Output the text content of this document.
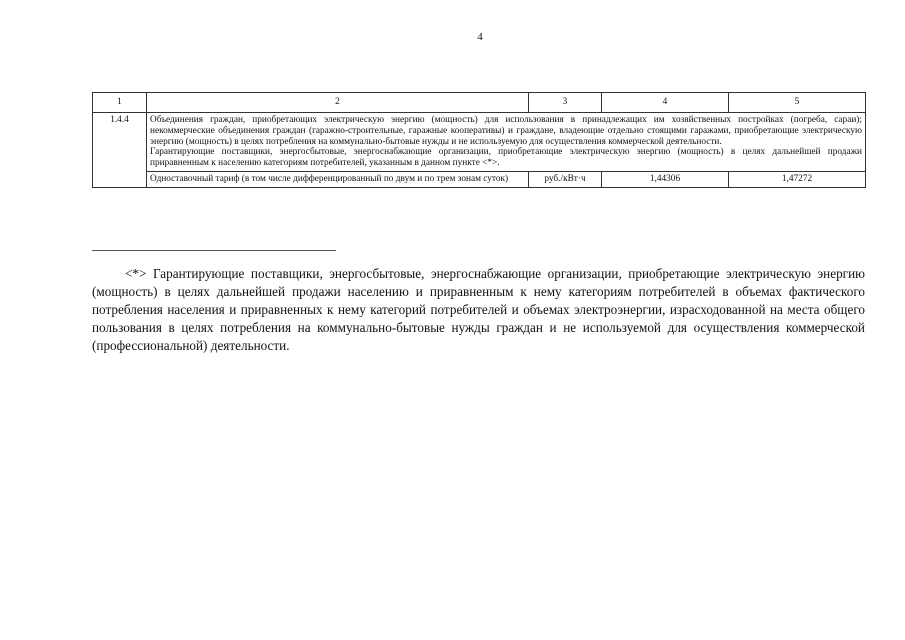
4
1	2	3	4	5
1.4.4	Объединения граждан, приобретающих электрическую энергию (мощность) для использования в принадлежащих им хозяйственных постройках (погреба, сараи); некоммерческие объединения граждан (гаражно-строительные, гаражные кооперативы) и граждане, владеющие отдельно стоящими гаражами, приобретающие электрическую энергию (мощность) в целях потребления на коммунально-бытовые нужды и не используемую для осуществления коммерческой деятельности.

Гарантирующие поставщики, энергосбытовые, энергоснабжающие организации, приобретающие электрическую энергию (мощность) в целях дальнейшей продажи приравненным к населению категориям потребителей, указанным в данном пункте <*>.			

	Одноставочный тариф (в том числе дифференцированный по двум и по трем зонам суток)	руб./кВт·ч	1,44306	1,47272

<*> Гарантирующие поставщики, энергосбытовые, энергоснабжающие организации, приобретающие электрическую энергию (мощность) в целях дальнейшей продажи населению и приравненным к нему категориям потребителей в объемах фактического потребления населения и приравненных к нему категорий потребителей и объемах электроэнергии, израсходованной на места общего пользования в целях потребления на коммунально-бытовые нужды граждан и не используемой для осуществления коммерческой (профессиональной) деятельности.
